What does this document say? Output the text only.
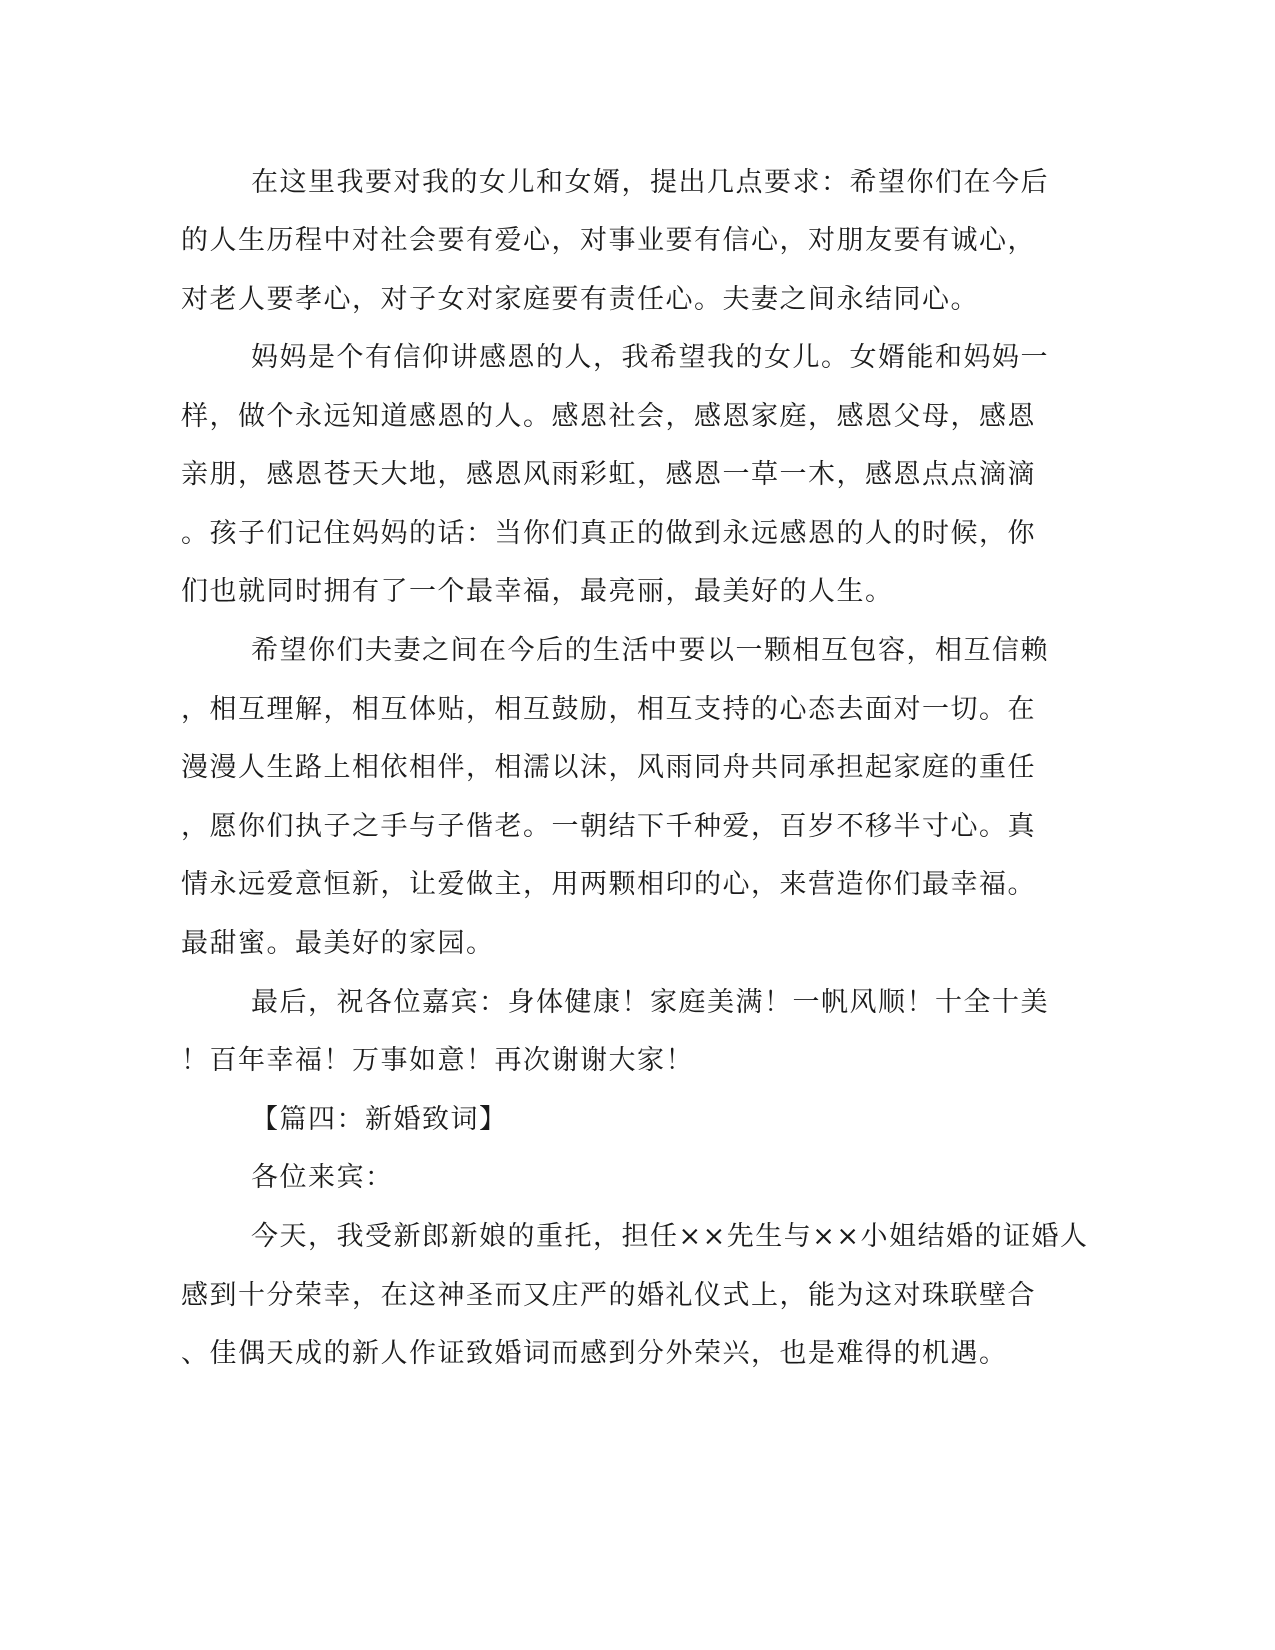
在这里我要对我的女儿和女婿，提出几点要求：希望你们在今后

的人生历程中对社会要有爱心，对事业要有信心，对朋友要有诚心，

对老人要孝心，对子女对家庭要有责任心。夫妻之间永结同心。

妈妈是个有信仰讲感恩的人，我希望我的女儿。女婿能和妈妈一

样，做个永远知道感恩的人。感恩社会，感恩家庭，感恩父母，感恩

亲朋，感恩苍天大地，感恩风雨彩虹，感恩一草一木，感恩点点滴滴

。孩子们记住妈妈的话：当你们真正的做到永远感恩的人的时候，你

们也就同时拥有了一个最幸福，最亮丽，最美好的人生。

希望你们夫妻之间在今后的生活中要以一颗相互包容，相互信赖

，相互理解，相互体贴，相互鼓励，相互支持的心态去面对一切。在

漫漫人生路上相依相伴，相濡以沫，风雨同舟共同承担起家庭的重任

，愿你们执子之手与子偕老。一朝结下千种爱，百岁不移半寸心。真

情永远爱意恒新，让爱做主，用两颗相印的心，来营造你们最幸福。

最甜蜜。最美好的家园。

最后，祝各位嘉宾：身体健康！家庭美满！一帆风顺！十全十美

！百年幸福！万事如意！再次谢谢大家！

【篇四：新婚致词】

各位来宾：

今天，我受新郎新娘的重托，担任××先生与××小姐结婚的证婚人

感到十分荣幸，在这神圣而又庄严的婚礼仪式上，能为这对珠联壁合

、佳偶天成的新人作证致婚词而感到分外荣兴，也是难得的机遇。
